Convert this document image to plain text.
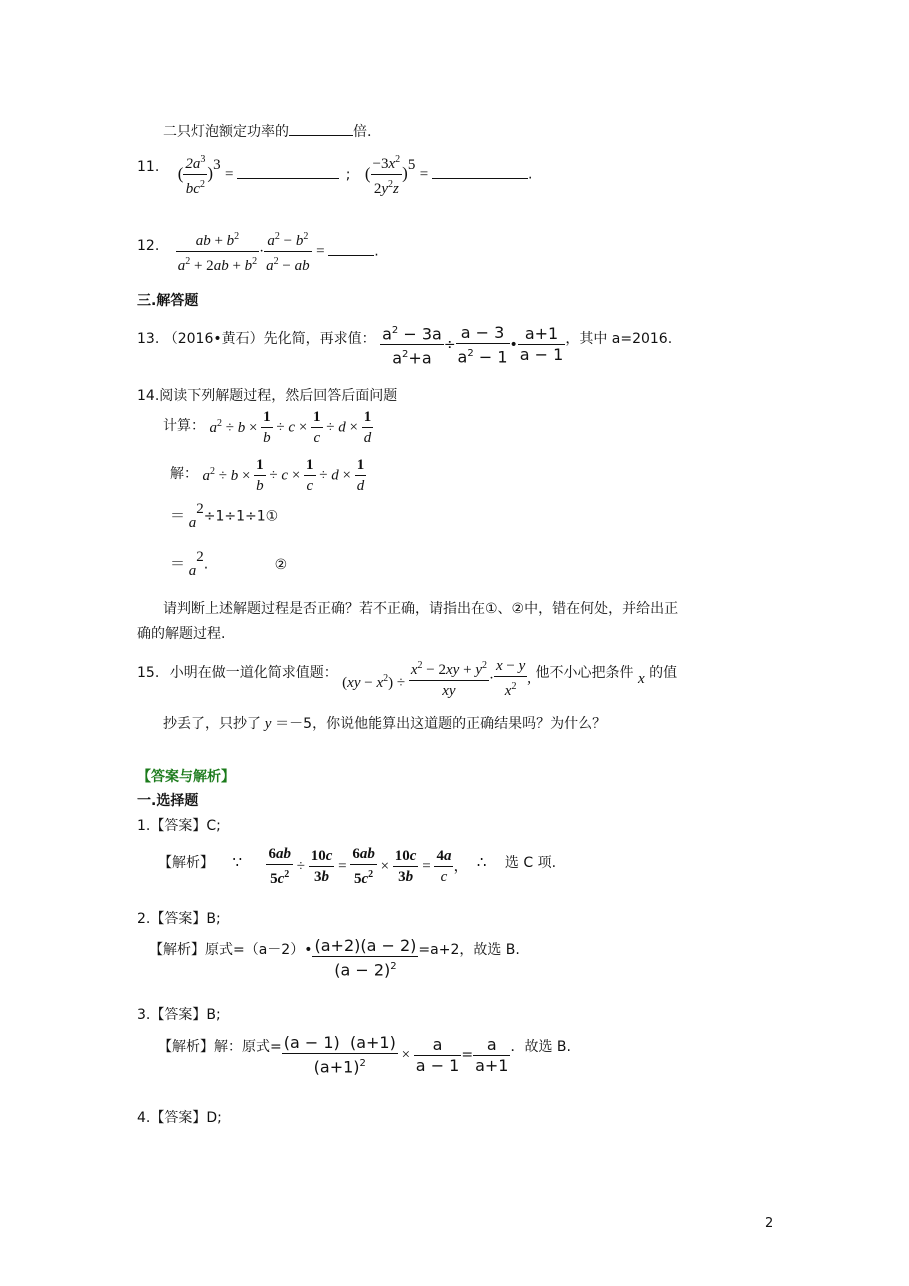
二只灯泡额定功率的	倍.
11. ( $\frac{2a^3}{bc^2} )^3$ =	; ( $\frac{-3x^2}{2y^2z} )^5$ =	.
12. $\frac{ab + b^2}{a^2 + 2ab + b^2} \cdot \frac{a^2 - b^2}{a^2 - ab}$ =	.
三.解答题
13. （2016•黄石）先化简，再求值： $\frac{a^2 - 3a}{a^2+a} \div \frac{a - 3}{a^2 - 1}$ • $\frac{a+1}{a - 1}$ ，其中 a=2016.
14.阅读下列解题过程，然后回答后面问题
计算： $a^2 \div b \times \frac{1}{b} \div c \times \frac{1}{c} \div d \times \frac{1}{d}$
解： $a^2 \div b \times \frac{1}{b} \div c \times \frac{1}{c} \div d \times \frac{1}{d}$
＝ $a^2\div 1\div 1\div 1①$
＝ $a^2$.	②
请判断上述解题过程是否正确？若不正确，请指出在①、②中，错在何处，并给出正
确的解题过程.
15. 小明在做一道化简求值题： $(xy - x^2) \div \frac{x^2 - 2xy + y^2}{xy} \cdot \frac{x - y}{x^2}$ , 他不小心把条件 x 的值
抄丢了，只抄了 y ＝－5，你说他能算出这道题的正确结果吗？为什么？
【答案与解析】
一.选择题
1.【答案】C;
【解析】 ∵ $\frac{6ab}{5c^2} \div \frac{10c}{3b} = \frac{6ab}{5c^2} \times \frac{10c}{3b} = \frac{4a}{c}$ ， ∴ 选 C 项.
2.【答案】B;
【解析】原式=（a－2）• $\frac{(a+2)(a - 2)}{(a - 2)^2} =a+2$，故选 B.
3.【答案】B;
【解析】解：原式= $\frac{(a - 1) (a+1)}{(a+1)^2} \times \frac{a}{a - 1} = \frac{a}{a+1}$ ．故选 B.
4.【答案】D;
2
